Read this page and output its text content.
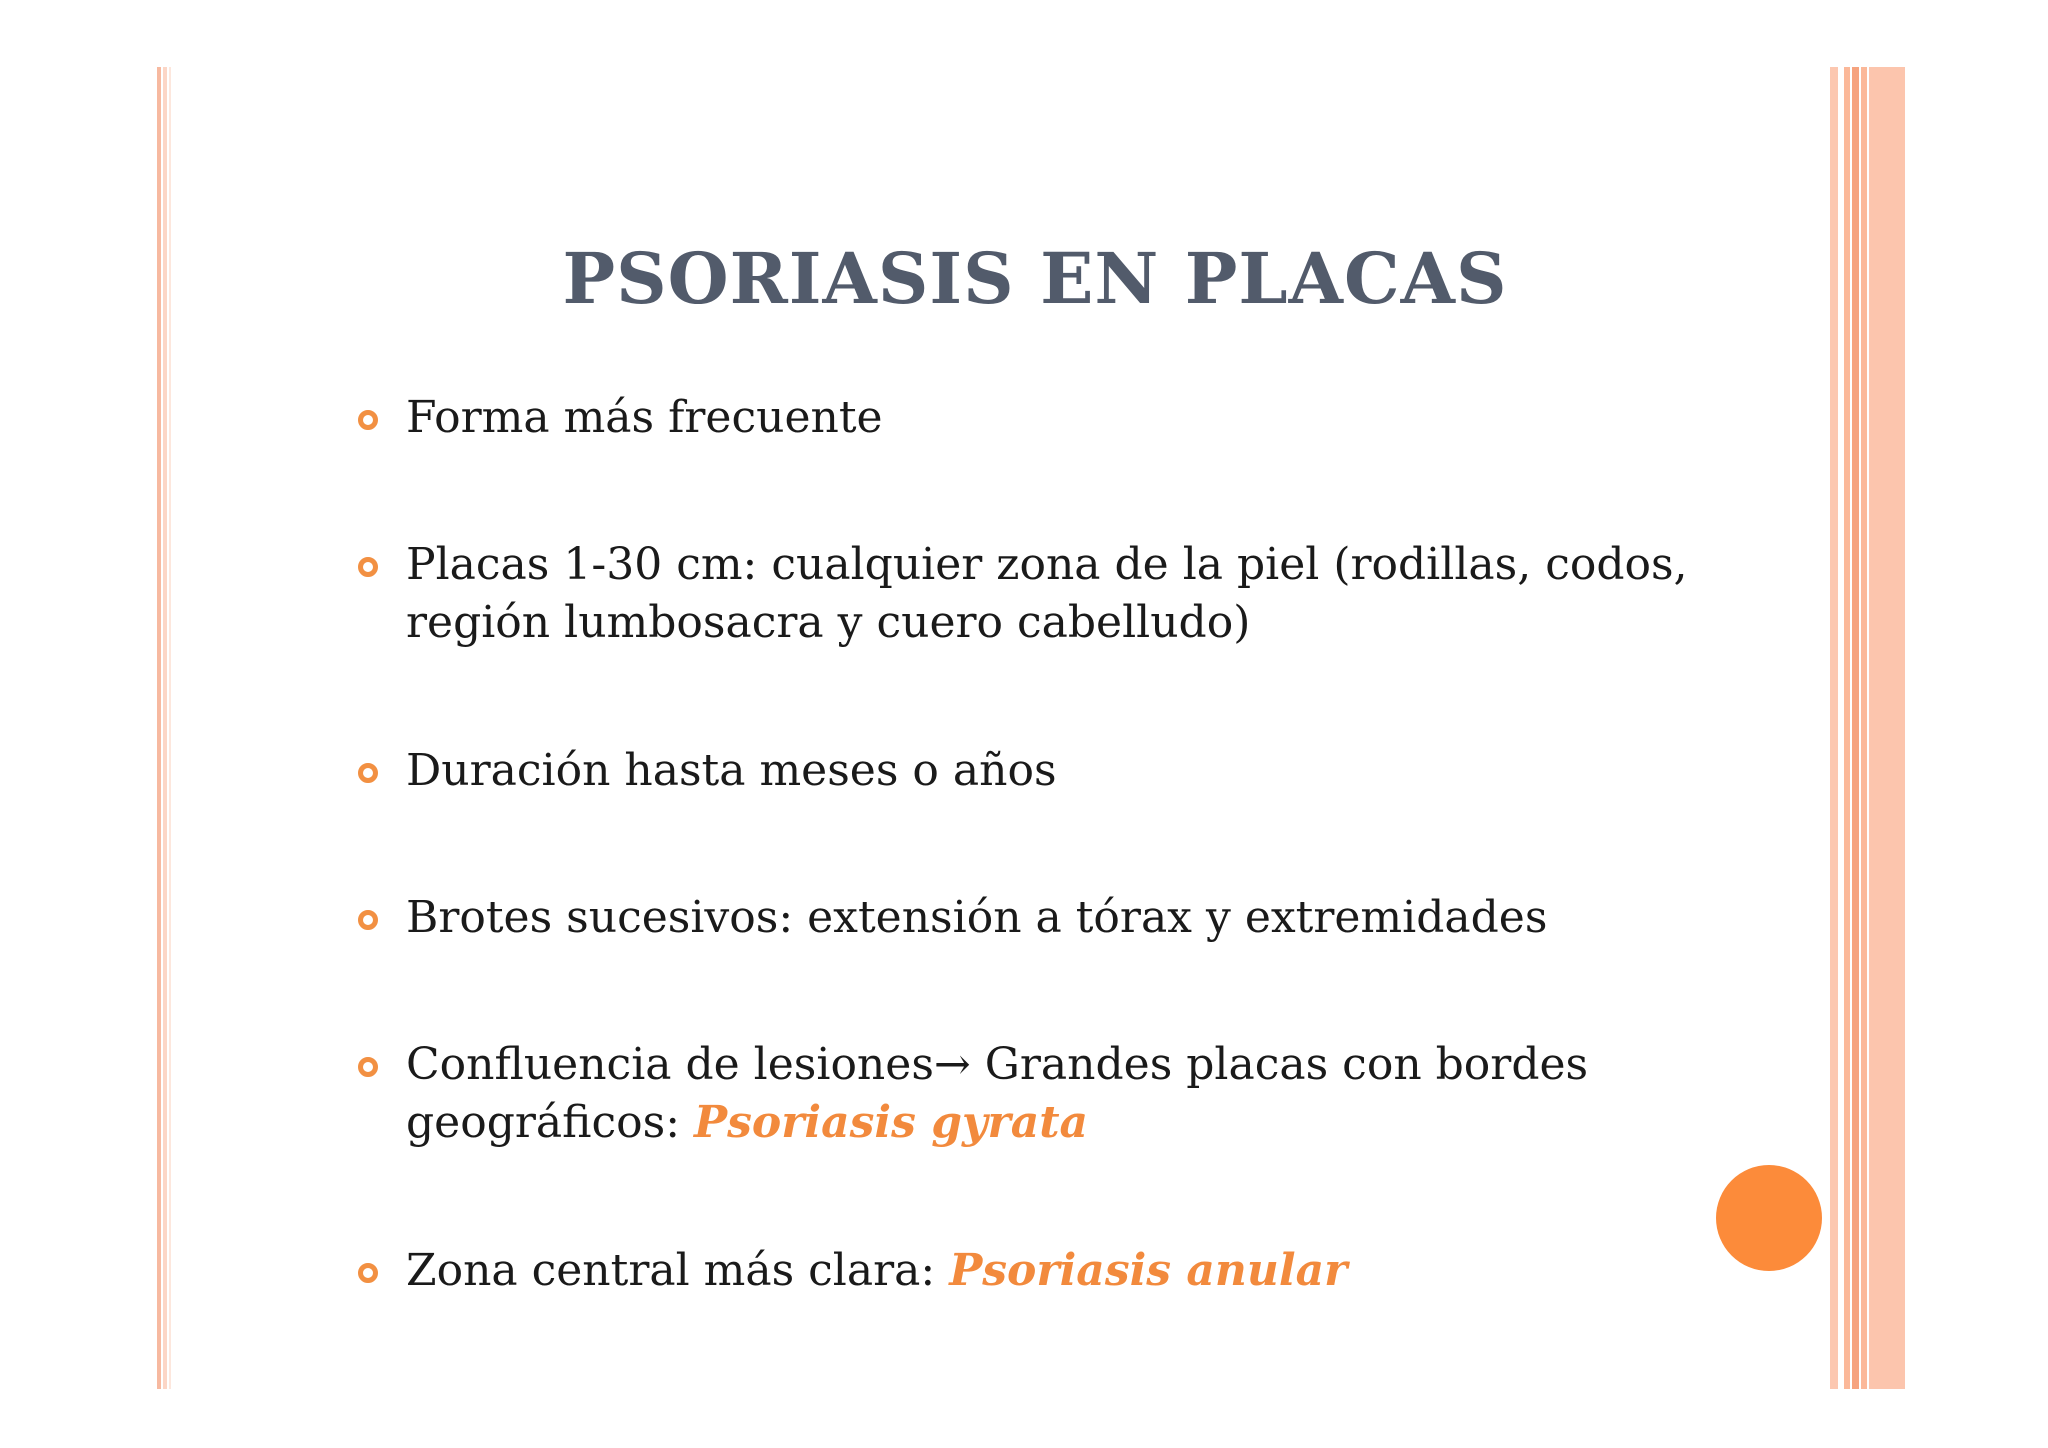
PSORIASIS EN PLACAS
Forma más frecuente
Placas 1-30 cm: cualquier zona de la piel (rodillas, codos, región lumbosacra y cuero cabelludo)
Duración hasta meses o años
Brotes sucesivos: extensión a tórax y extremidades
Confluencia de lesiones→ Grandes placas con bordes geográficos: Psoriasis gyrata
Zona central más clara: Psoriasis anular
